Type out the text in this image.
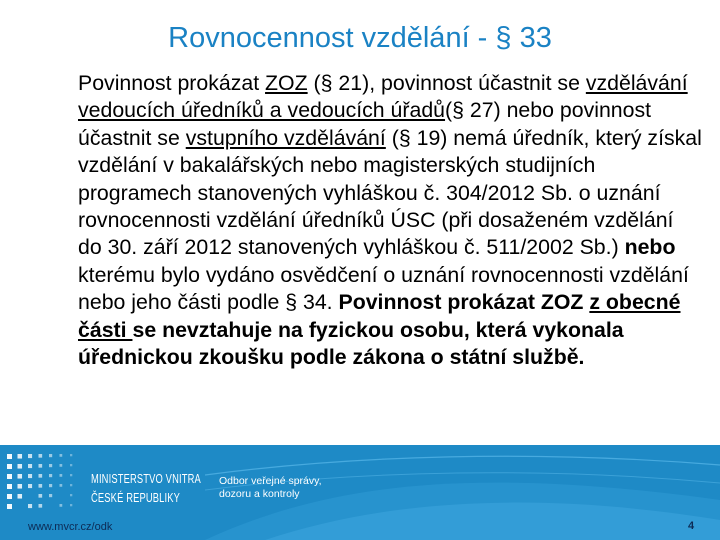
Rovnocennost vzdělání - § 33

Povinnost prokázat ZOZ (§ 21), povinnost účastnit se vzdělávání vedoucích úředníků a vedoucích úřadů(§ 27) nebo povinnost účastnit se vstupního vzdělávání (§ 19) nemá úředník, který získal vzdělání v bakalářských nebo magisterských studijních programech stanovených vyhláškou č. 304/2012 Sb. o uznání rovnocennosti vzdělání úředníků ÚSC (při dosaženém vzdělání do 30. září 2012 stanovených vyhláškou č. 511/2002 Sb.) nebo kterému bylo vydáno osvědčení o uznání rovnocennosti vzdělání nebo jeho části podle § 34. Povinnost prokázat ZOZ z obecné části se nevztahuje na fyzickou osobu, která vykonala úřednickou zkoušku podle zákona o státní službě.

MINISTERSTVO VNITRA
ČESKÉ REPUBLIKY
Odbor veřejné správy,
dozoru a kontroly
www.mvcr.cz/odk	4
